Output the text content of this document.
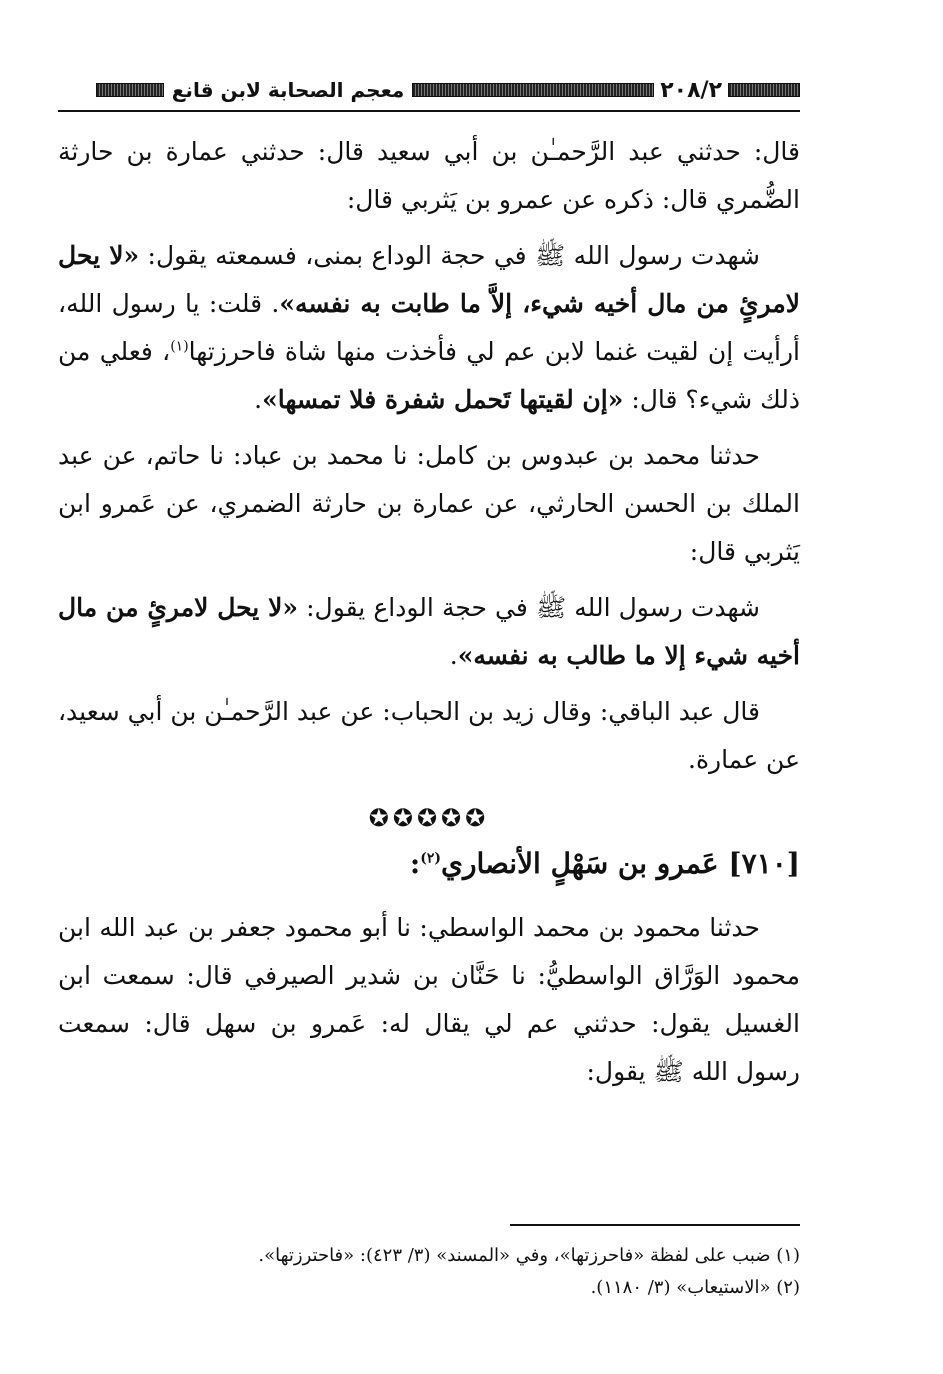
٢٠٨/٢
معجم الصحابة لابن قانع

قال: حدثني عبد الرَّحمـٰن بن أبي سعيد قال: حدثني عمارة بن حارثة الضُّمري قال: ذكره عن عمرو بن يَثربي قال:

شهدت رسول الله ﷺ في حجة الوداع بمنى، فسمعته يقول: «لا يحل لامرئٍ من مال أخيه شيء، إلاَّ ما طابت به نفسه». قلت: يا رسول الله، أرأيت إن لقيت غنما لابن عم لي فأخذت منها شاة فاحرزتها$^{(١)}$، فعلي من ذلك شيء؟ قال: «إن لقيتها تَحمل شفرة فلا تمسها».

حدثنا محمد بن عبدوس بن كامل: نا محمد بن عباد: نا حاتم، عن عبد الملك بن الحسن الحارثي، عن عمارة بن حارثة الضمري، عن عَمرو ابن يَثربي قال:

شهدت رسول الله ﷺ في حجة الوداع يقول: «لا يحل لامرئٍ من مال أخيه شيء إلا ما طالب به نفسه».

قال عبد الباقي: وقال زيد بن الحباب: عن عبد الرَّحمـٰن بن أبي سعيد، عن عمارة.

✪✪✪✪✪
[٧١٠] عَمرو بن سَهْلٍ الأنصاري$^{(٢)}$:

حدثنا محمود بن محمد الواسطي: نا أبو محمود جعفر بن عبد الله ابن محمود الوَرَّاق الواسطيُّ: نا حَنَّان بن شدير الصيرفي قال: سمعت ابن الغسيل يقول: حدثني عم لي يقال له: عَمرو بن سهل قال: سمعت رسول الله ﷺ يقول:

(١) ضبب على لفظة «فاحرزتها»، وفي «المسند» (٣/ ٤٢٣): «فاحترزتها».
(٢) «الاستيعاب» (٣/ ١١٨٠).
